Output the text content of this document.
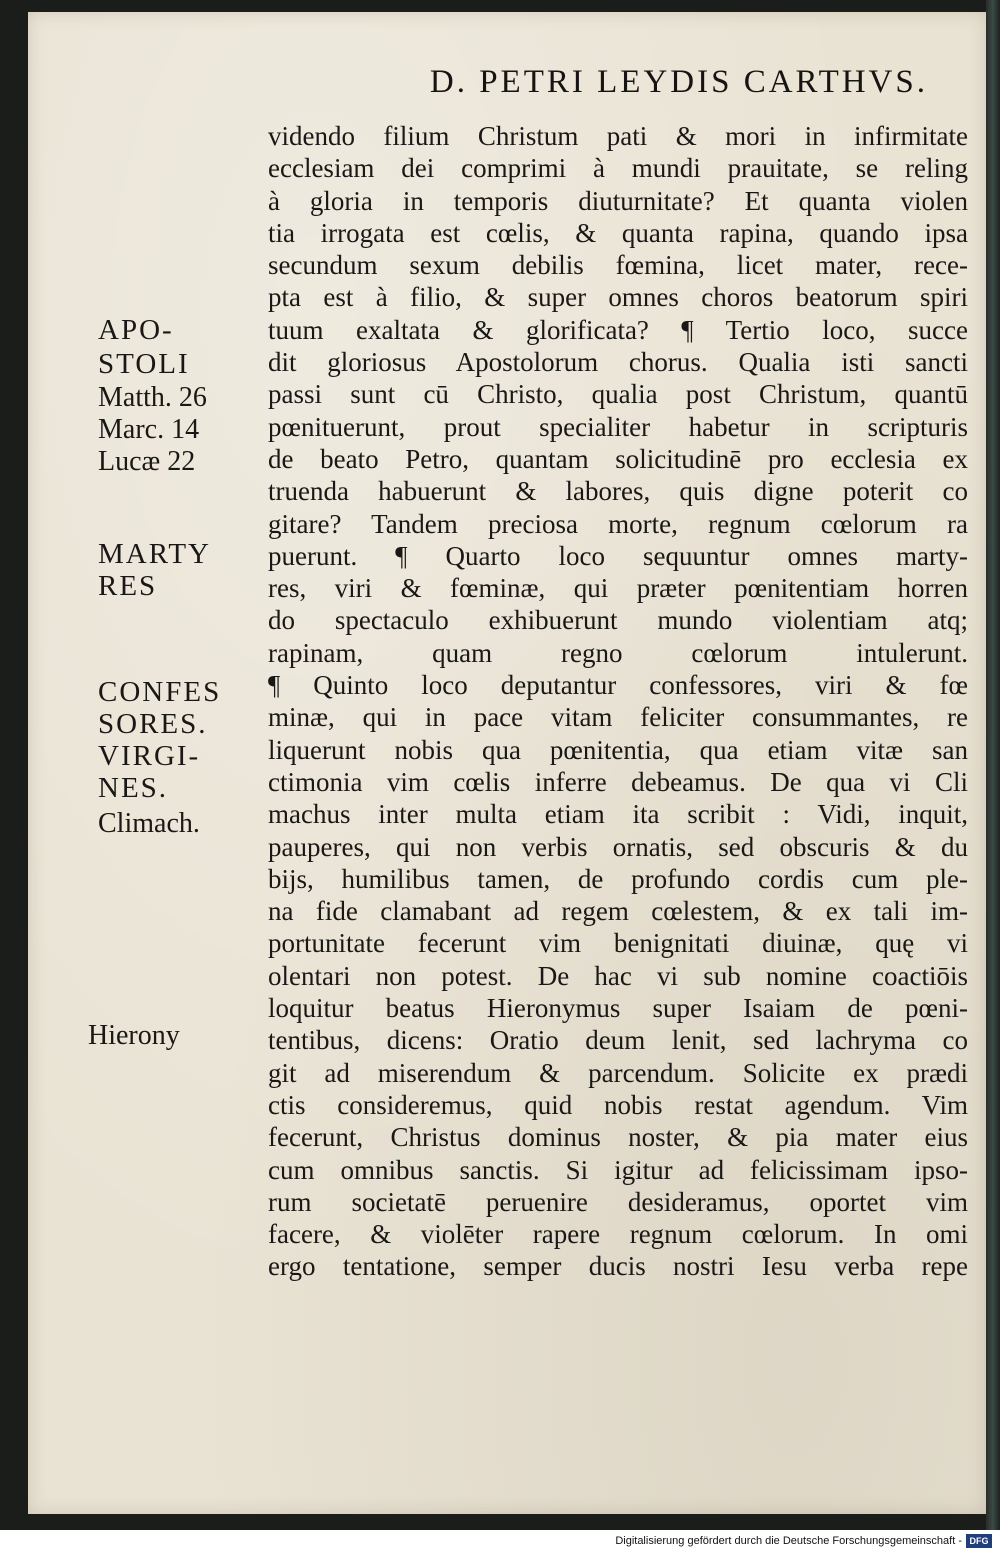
D. PETRI LEYDIS CARTHVS.
videndo filium Christum pati & mori in infirmitate
ecclesiam dei comprimi à mundi prauitate, se reling
à gloria in temporis diuturnitate? Et quanta violen
tia irrogata est cœlis, & quanta rapina, quando ipsa
secundum sexum debilis fœmina, licet mater, rece-
pta est à filio, & super omnes choros beatorum spiri
tuum exaltata & glorificata? ¶ Tertio loco, succe
dit gloriosus Apostolorum chorus. Qualia isti sancti
passi sunt cū Christo, qualia post Christum, quantū
pœnituerunt, prout specialiter habetur in scripturis
de beato Petro, quantam solicitudinē pro ecclesia ex
truenda habuerunt & labores, quis digne poterit co
gitare? Tandem preciosa morte, regnum cœlorum ra
puerunt. ¶ Quarto loco sequuntur omnes marty-
res, viri & fœminæ, qui præter pœnitentiam horren
do spectaculo exhibuerunt mundo violentiam atq;
rapinam, quam regno cœlorum intulerunt.
¶ Quinto loco deputantur confessores, viri & fœ
minæ, qui in pace vitam feliciter consummantes, re
liquerunt nobis qua pœnitentia, qua etiam vitæ san
ctimonia vim cœlis inferre debeamus. De qua vi Cli
machus inter multa etiam ita scribit : Vidi, inquit,
pauperes, qui non verbis ornatis, sed obscuris & du
bijs, humilibus tamen, de profundo cordis cum ple-
na fide clamabant ad regem cœlestem, & ex tali im-
portunitate fecerunt vim benignitati diuinæ, quę vi
olentari non potest. De hac vi sub nomine coactiōis
loquitur beatus Hieronymus super Isaiam de pœni-
tentibus, dicens: Oratio deum lenit, sed lachryma co
git ad miserendum & parcendum. Solicite ex prædi
ctis consideremus, quid nobis restat agendum. Vim
fecerunt, Christus dominus noster, & pia mater eius
cum omnibus sanctis. Si igitur ad felicissimam ipso-
rum societatē peruenire desideramus, oportet vim
facere, & violēter rapere regnum cœlorum. In omi
ergo tentatione, semper ducis nostri Iesu verba repe
APO-
STOLI
Matth. 26
Marc. 14
Lucæ 22
MARTY
RES
CONFES
SORES.
VIRGI-
NES.
Climach.
Hierony
Digitalisierung gefördert durch die Deutsche Forschungsgemeinschaft - DFG
